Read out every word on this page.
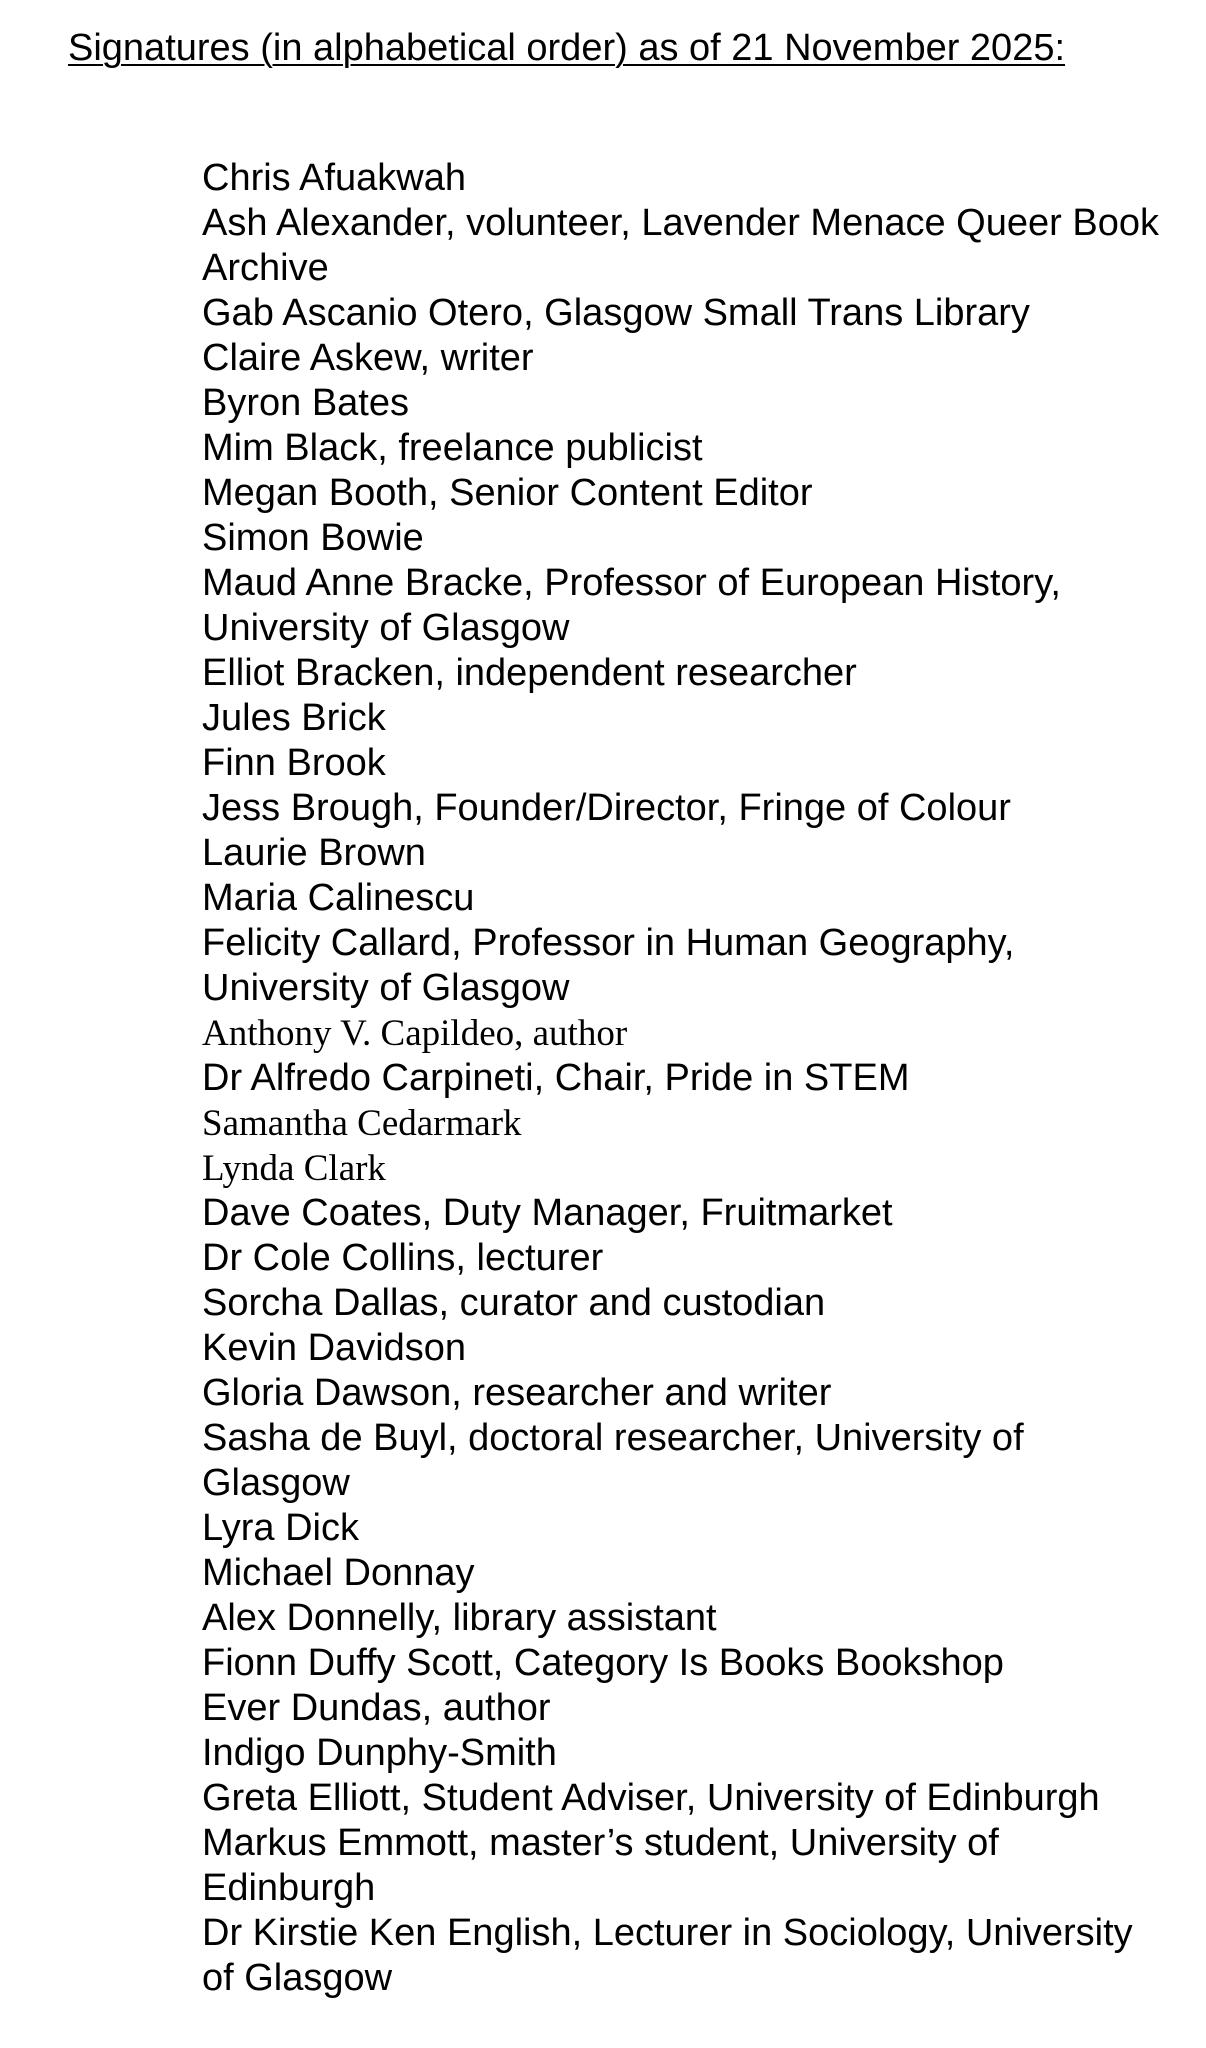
Signatures (in alphabetical order) as of 21 November 2025:
Chris Afuakwah
Ash Alexander, volunteer, Lavender Menace Queer Book Archive
Gab Ascanio Otero, Glasgow Small Trans Library
Claire Askew, writer
Byron Bates
Mim Black, freelance publicist
Megan Booth, Senior Content Editor
Simon Bowie
Maud Anne Bracke, Professor of European History, University of Glasgow
Elliot Bracken, independent researcher
Jules Brick
Finn Brook
Jess Brough, Founder/Director, Fringe of Colour
Laurie Brown
Maria Calinescu
Felicity Callard, Professor in Human Geography, University of Glasgow
Anthony V. Capildeo, author
Dr Alfredo Carpineti, Chair, Pride in STEM
Samantha Cedarmark
Lynda Clark
Dave Coates, Duty Manager, Fruitmarket
Dr Cole Collins, lecturer
Sorcha Dallas, curator and custodian
Kevin Davidson
Gloria Dawson, researcher and writer
Sasha de Buyl, doctoral researcher, University of Glasgow
Lyra Dick
Michael Donnay
Alex Donnelly, library assistant
Fionn Duffy Scott, Category Is Books Bookshop
Ever Dundas, author
Indigo Dunphy-Smith
Greta Elliott, Student Adviser, University of Edinburgh
Markus Emmott, master’s student, University of Edinburgh
Dr Kirstie Ken English, Lecturer in Sociology, University of Glasgow
